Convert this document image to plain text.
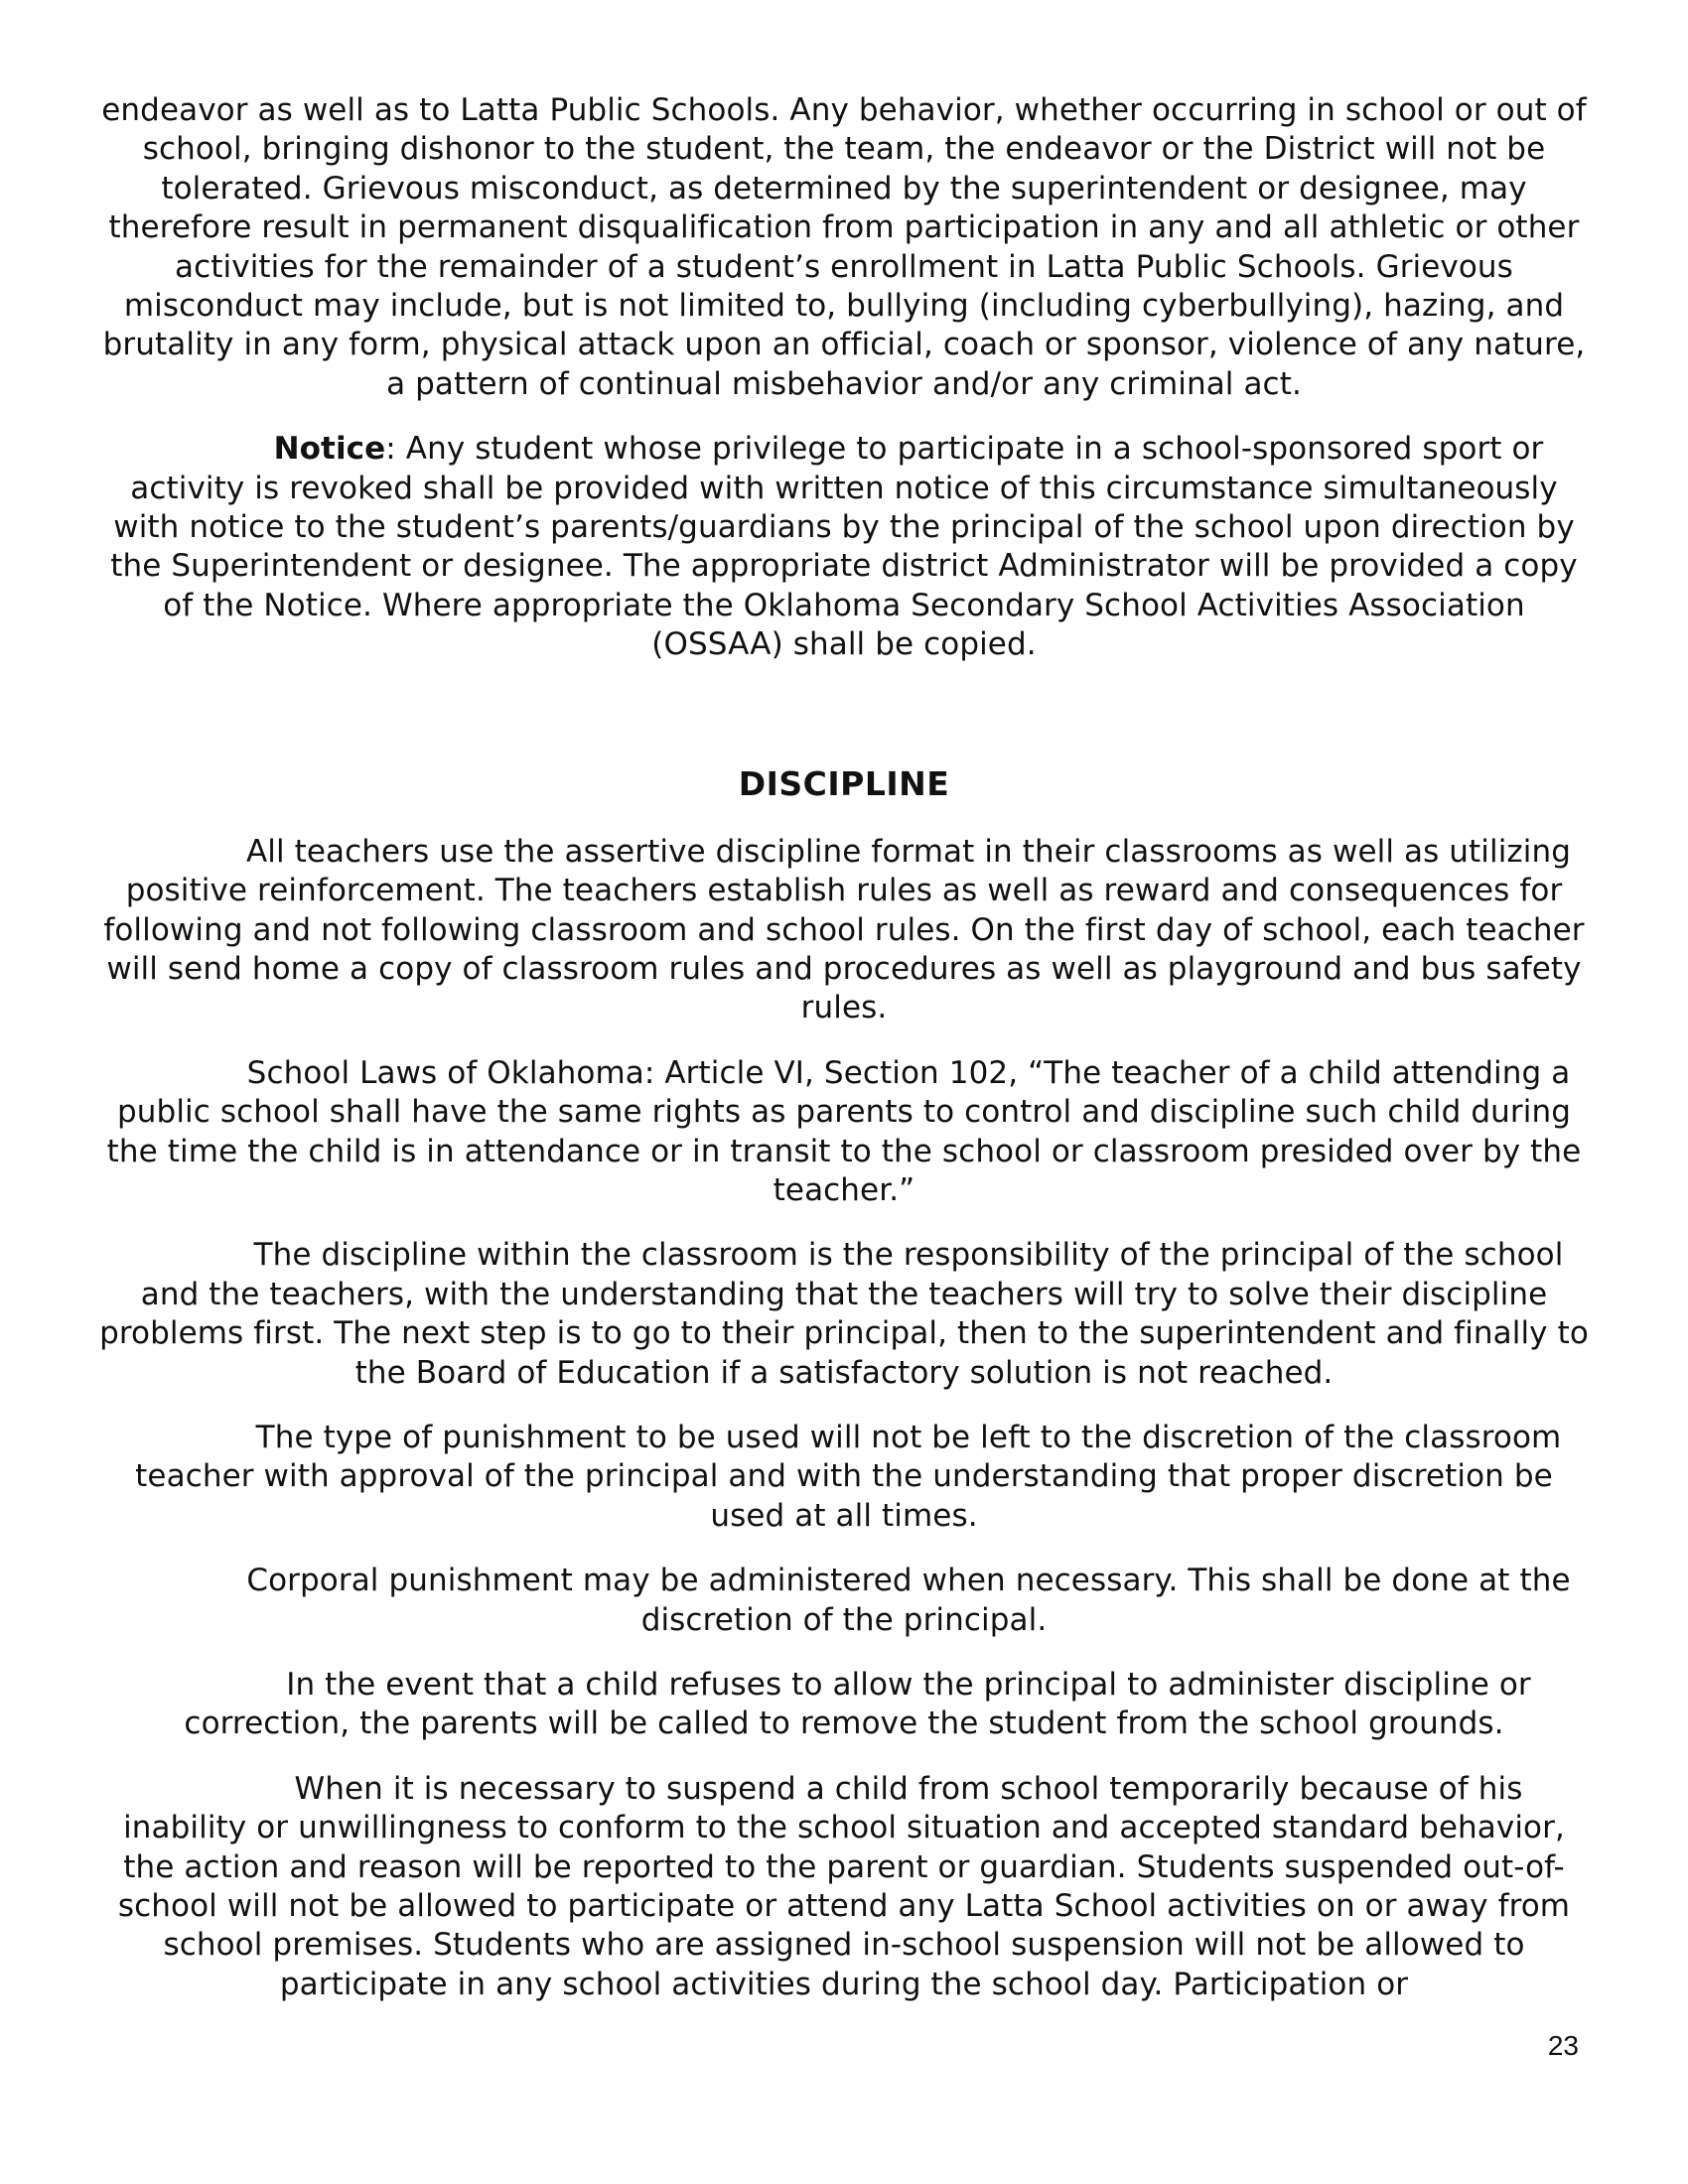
endeavor as well as to Latta Public Schools. Any behavior, whether occurring in school or out of school, bringing dishonor to the student, the team, the endeavor or the District will not be tolerated. Grievous misconduct, as determined by the superintendent or designee, may therefore result in permanent disqualification from participation in any and all athletic or other activities for the remainder of a student’s enrollment in Latta Public Schools. Grievous misconduct may include, but is not limited to, bullying (including cyberbullying), hazing, and brutality in any form, physical attack upon an official, coach or sponsor, violence of any nature, a pattern of continual misbehavior and/or any criminal act.

Notice: Any student whose privilege to participate in a school-sponsored sport or activity is revoked shall be provided with written notice of this circumstance simultaneously with notice to the student’s parents/guardians by the principal of the school upon direction by the Superintendent or designee. The appropriate district Administrator will be provided a copy of the Notice. Where appropriate the Oklahoma Secondary School Activities Association (OSSAA) shall be copied.

DISCIPLINE

All teachers use the assertive discipline format in their classrooms as well as utilizing positive reinforcement. The teachers establish rules as well as reward and consequences for following and not following classroom and school rules. On the first day of school, each teacher will send home a copy of classroom rules and procedures as well as playground and bus safety rules.

School Laws of Oklahoma: Article VI, Section 102, “The teacher of a child attending a public school shall have the same rights as parents to control and discipline such child during the time the child is in attendance or in transit to the school or classroom presided over by the teacher.”

The discipline within the classroom is the responsibility of the principal of the school and the teachers, with the understanding that the teachers will try to solve their discipline problems first. The next step is to go to their principal, then to the superintendent and finally to the Board of Education if a satisfactory solution is not reached.

The type of punishment to be used will not be left to the discretion of the classroom teacher with approval of the principal and with the understanding that proper discretion be used at all times.

Corporal punishment may be administered when necessary. This shall be done at the discretion of the principal.

In the event that a child refuses to allow the principal to administer discipline or correction, the parents will be called to remove the student from the school grounds.

When it is necessary to suspend a child from school temporarily because of his inability or unwillingness to conform to the school situation and accepted standard behavior, the action and reason will be reported to the parent or guardian. Students suspended out-of-school will not be allowed to participate or attend any Latta School activities on or away from school premises. Students who are assigned in-school suspension will not be allowed to participate in any school activities during the school day. Participation or

23
